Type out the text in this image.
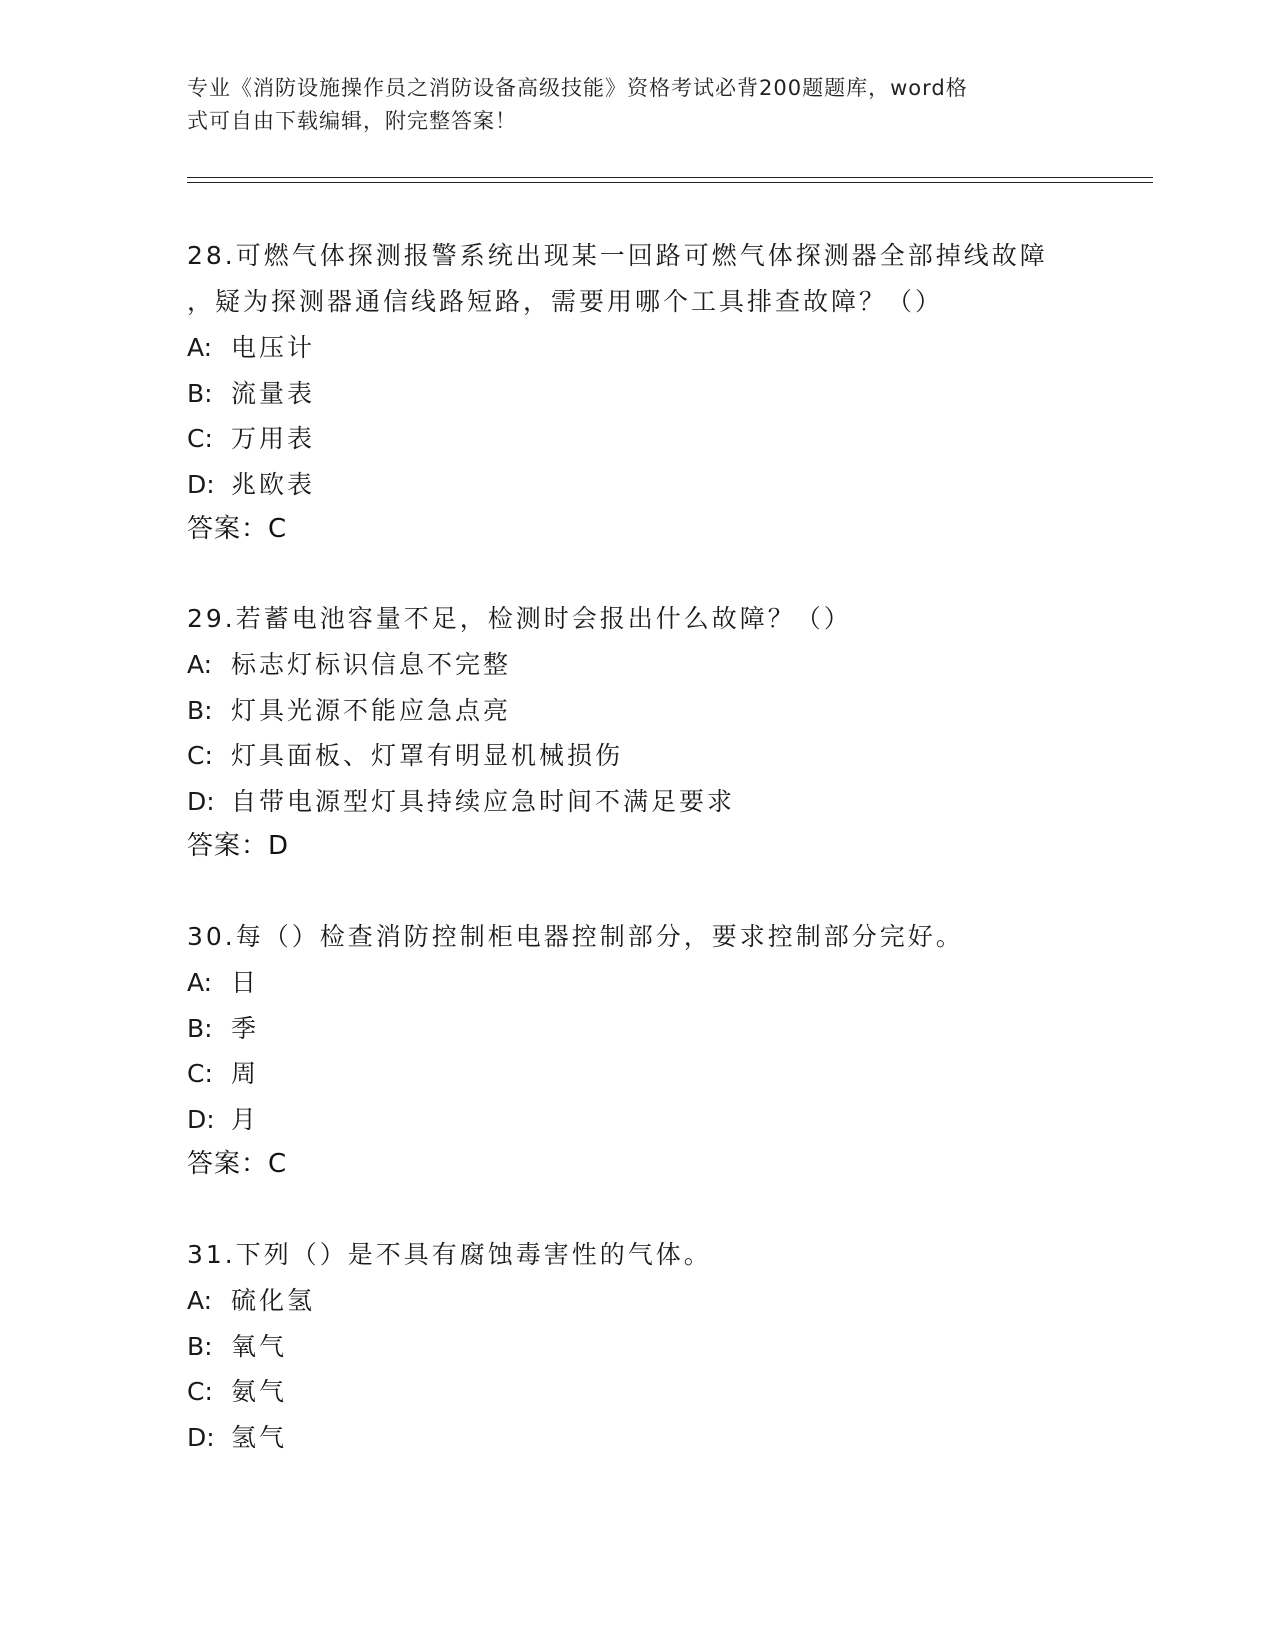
专业《消防设施操作员之消防设备高级技能》资格考试必背200题题库，word格
式可自由下载编辑，附完整答案！
28.可燃气体探测报警系统出现某一回路可燃气体探测器全部掉线故障
，疑为探测器通信线路短路，需要用哪个工具排查故障？（）
A: 电压计
B: 流量表
C: 万用表
D: 兆欧表
答案：C
29.若蓄电池容量不足，检测时会报出什么故障？（）
A: 标志灯标识信息不完整
B: 灯具光源不能应急点亮
C: 灯具面板、灯罩有明显机械损伤
D: 自带电源型灯具持续应急时间不满足要求
答案：D
30.每（）检查消防控制柜电器控制部分，要求控制部分完好。
A: 日
B: 季
C: 周
D: 月
答案：C
31.下列（）是不具有腐蚀毒害性的气体。
A: 硫化氢
B: 氧气
C: 氨气
D: 氢气
